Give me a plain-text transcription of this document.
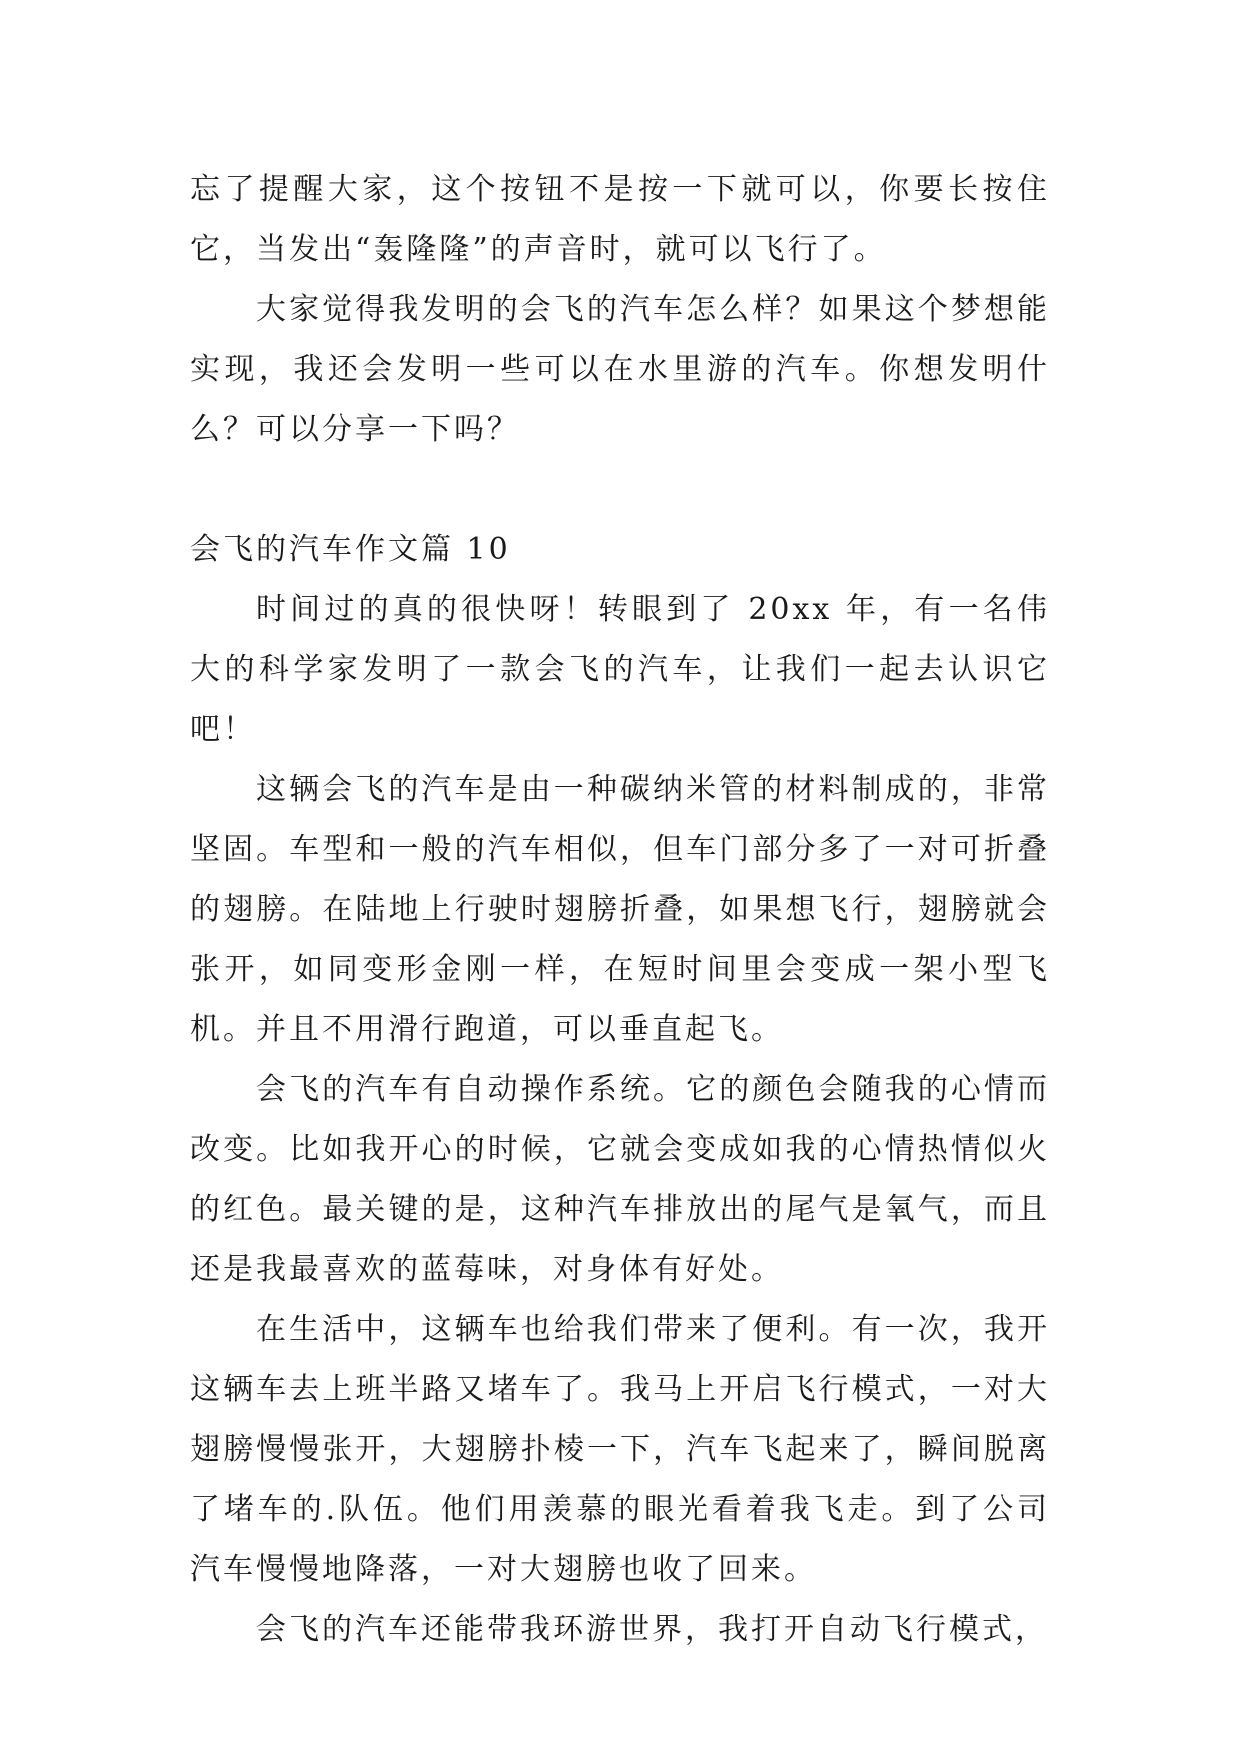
忘了提醒大家，这个按钮不是按一下就可以，你要长按住它，当发出“轰隆隆”的声音时，就可以飞行了。

大家觉得我发明的会飞的汽车怎么样？如果这个梦想能实现，我还会发明一些可以在水里游的汽车。你想发明什么？可以分享一下吗？

会飞的汽车作文篇 10

时间过的真的很快呀！转眼到了 20xx 年，有一名伟大的科学家发明了一款会飞的汽车，让我们一起去认识它吧！

这辆会飞的汽车是由一种碳纳米管的材料制成的，非常坚固。车型和一般的汽车相似，但车门部分多了一对可折叠的翅膀。在陆地上行驶时翅膀折叠，如果想飞行，翅膀就会张开，如同变形金刚一样，在短时间里会变成一架小型飞机。并且不用滑行跑道，可以垂直起飞。

会飞的汽车有自动操作系统。它的颜色会随我的心情而改变。比如我开心的时候，它就会变成如我的心情热情似火的红色。最关键的是，这种汽车排放出的尾气是氧气，而且还是我最喜欢的蓝莓味，对身体有好处。

在生活中，这辆车也给我们带来了便利。有一次，我开这辆车去上班半路又堵车了。我马上开启飞行模式，一对大翅膀慢慢张开，大翅膀扑棱一下，汽车飞起来了，瞬间脱离了堵车的.队伍。他们用羡慕的眼光看着我飞走。到了公司汽车慢慢地降落，一对大翅膀也收了回来。

会飞的汽车还能带我环游世界，我打开自动飞行模式，
